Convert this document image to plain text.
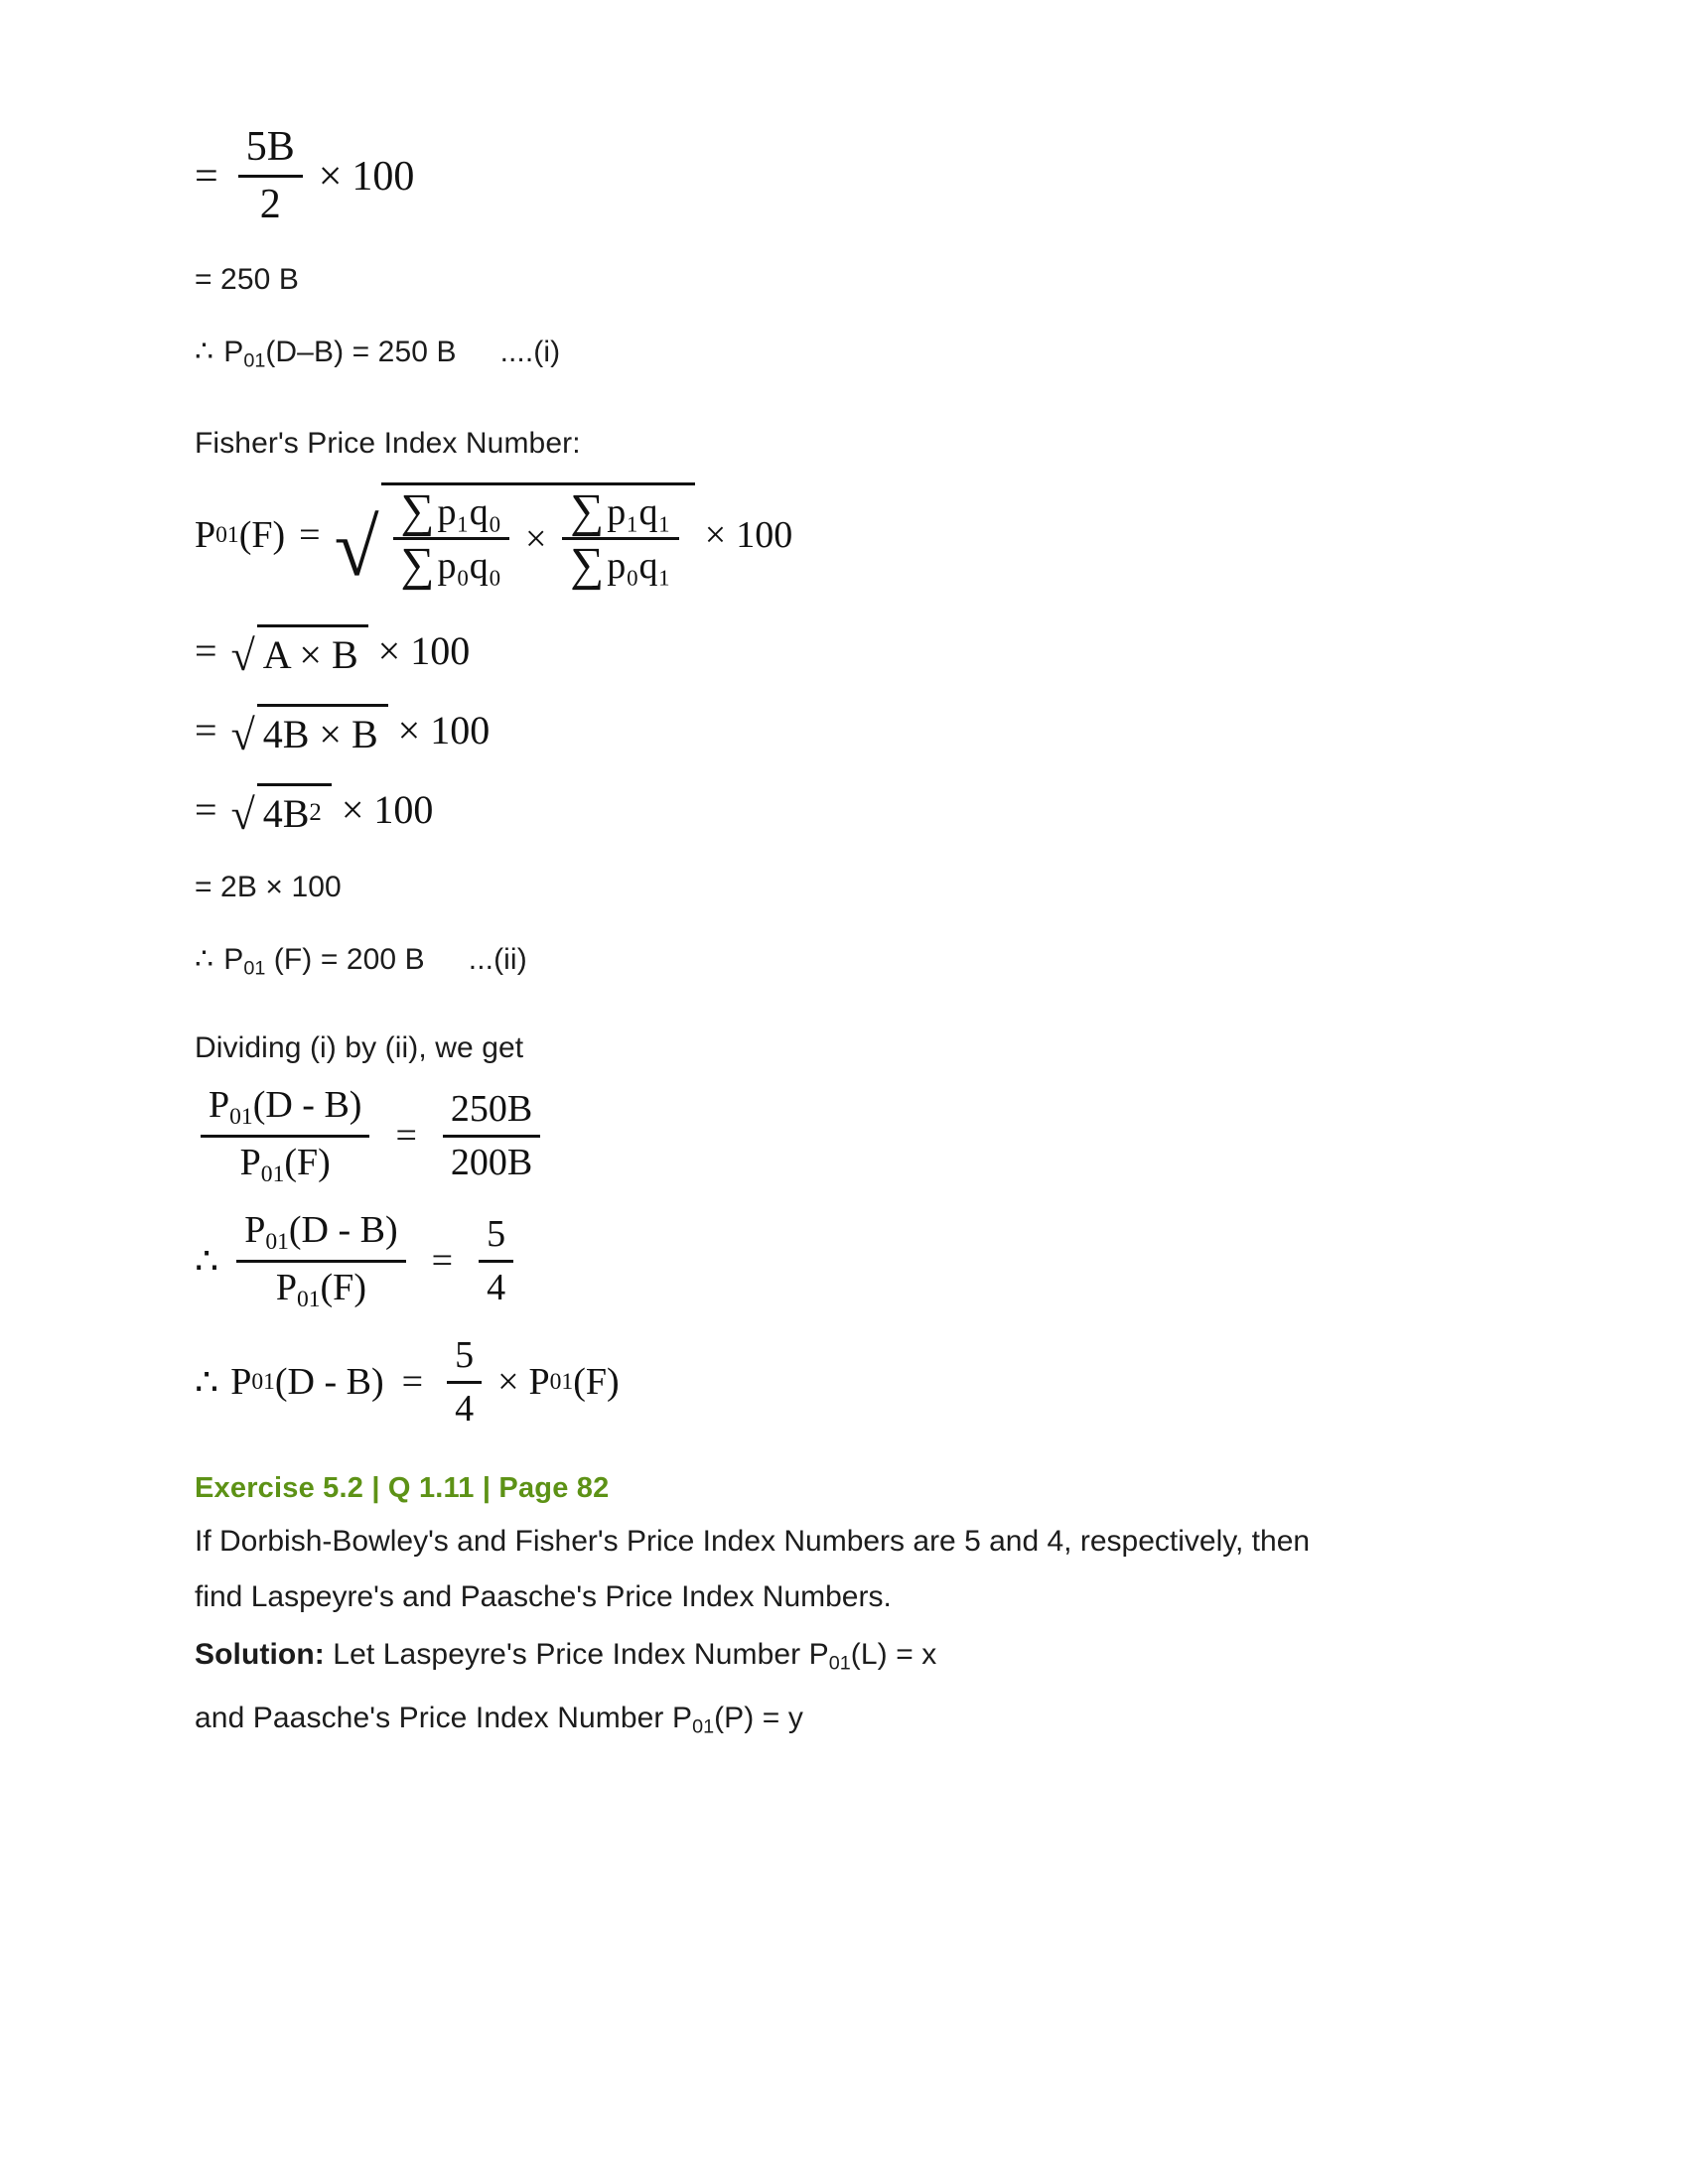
= $\frac{5B}{2} \times 100$
= 250 B
∴ $P_{01}(D-B) = 250$ B ....(i)
Fisher's Price Index Number:
P 01 (F) = √ $\frac{\text{∑p₁q₀}}{\text{∑p₀q₀}} \times \frac{\text{∑p₁q₁}}{\text{∑p₀q₁}} \times 100$
= √ A × B × 100
= √ 4B × B × 100
= √ 4B 2 × 100
= 2B × 100
∴ $P_{01}$ (F) = 200 B ...(ii)
Dividing (i) by (ii), we get
$\frac{P01(D - B)}{P01(F)} = \frac{250B}{200B}$
∴ $\frac{P01(D - B)}{P01(F)} = \frac{5}{4}$
∴ P 01 $(D - B) = \frac{5}{4} \times P$ 01 (F)
Exercise 5.2 | Q 1.11 | Page 82
If Dorbish-Bowley's and Fisher's Price Index Numbers are 5 and 4, respectively, then
find Laspeyre's and Paasche's Price Index Numbers.
Solution: Let Laspeyre's Price Index Number $P_{01}(L) = x$
and Paasche's Price Index Number $P_{01}(P) = y$
